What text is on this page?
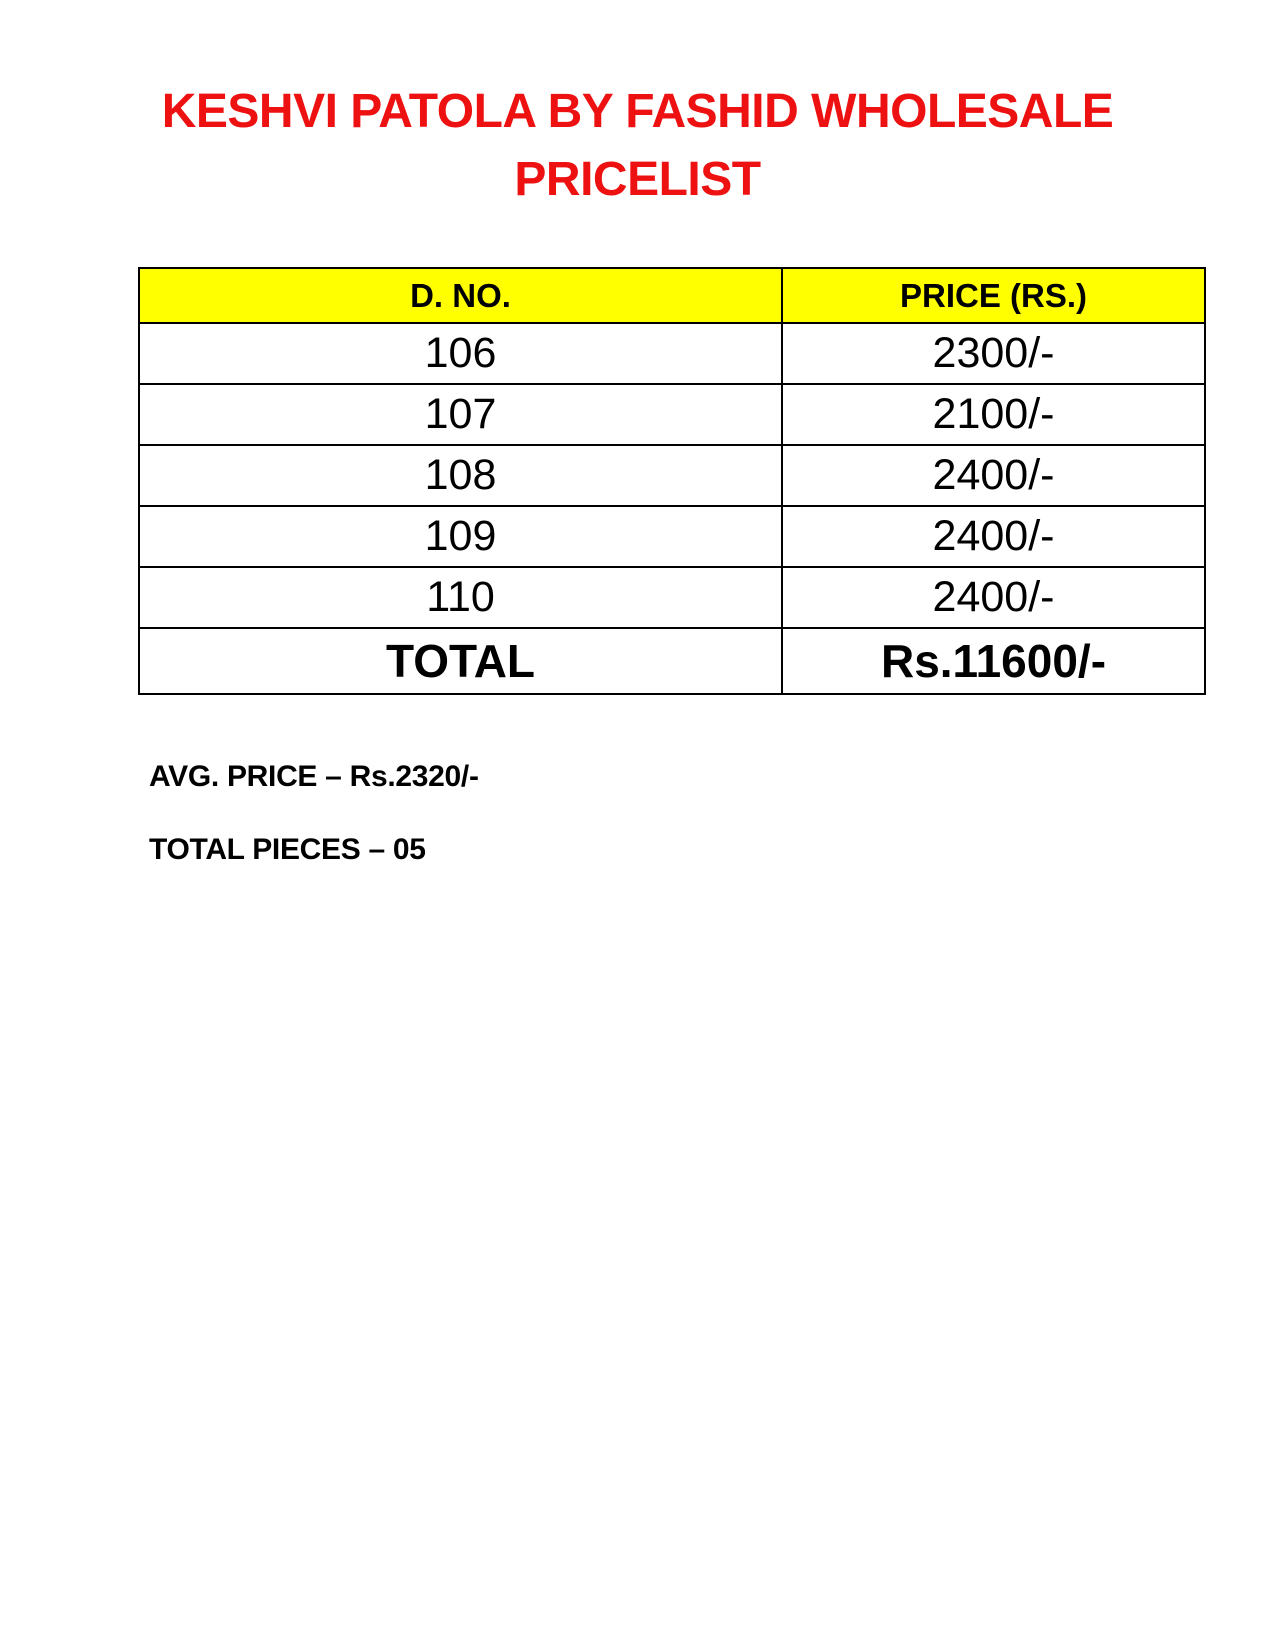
KESHVI PATOLA BY FASHID WHOLESALE
PRICELIST
D. NO.	PRICE (RS.)
106	2300/-
107	2100/-
108	2400/-
109	2400/-
110	2400/-
TOTAL	Rs.11600/-
AVG. PRICE – Rs.2320/-
TOTAL PIECES – 05
